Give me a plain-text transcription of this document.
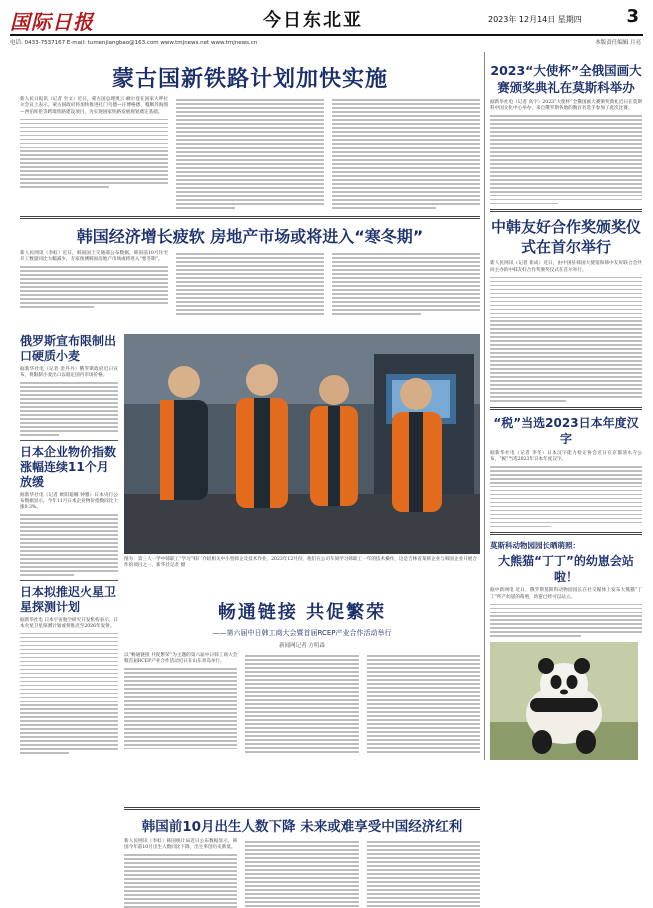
国际日报	今日东北亚	2023年 12月14日 星期四 3
电话: 0433-7537167 E-mail: tumenjiangbao@163.com www.tmjnews.net www.tmjnews.cn	本版责任编辑 月亮
蒙古国新铁路计划加快实施
新人民日报讯（记者 至文）近日，蒙古国总理奥云·额尔登在国家大呼拉尔会议上表示，蒙古国政府将加快推进扎门乌德—汗博格德、嘎顺苏海图—西伯库伦等跨境铁路建设项目，为实现国家铁路发展规划奠定基础。
韩国经济增长疲软 房地产市场或将进入“寒冬期”
新人民网讯（李虹）近日，韩国国土交通部公布数据，韩国前10月住宅开工数量同比大幅减少，专家预测韩国房地产市场或将进入“寒冬期”。
俄罗斯宣布限制出口硬质小麦
据新华社电（记者 金丹丹）俄罗斯政府近日宣布，将限制小麦出口以稳定国内市场价格。
日本企业物价指数涨幅连续11个月放缓
据新华社电（记者 欧阳迪娜 钟雅）日本央行公布数据显示，今年11月日本企业物价指数同比上涨0.3%。
日本拟推迟火星卫星探测计划
据新华社电 日本宇宙航空研究开发机构表示，日本火星卫星探测计划或将推迟至2026年发射。
图为：第三人一学中韩职工“学习”韩厂介绍相关中小型韩企及技术作业，2023年12月份，他们在公司车间学习韩职工一年的技术操作，这是吉林省某韩企业与韩国企业开展合作的项目之一。新华社记者 摄
畅通链接 共促繁荣
——第六届中日韩工商大会暨首届RCEP产业合作活动举行
新闻网记者 方明森
以“畅通链接 共促繁荣”为主题的第六届中日韩工商大会暨首届RCEP产业合作活动近日在山东青岛举行。
韩国前10月出生人数下降 未来或难享受中国经济红利
新人民网讯（李虹）韩国统计局近日公布数据显示，韩国今年前10月出生人数同比下降，出生率创历史新低。
2023“大使杯”全俄国画大赛颁奖典礼在莫斯科举办
据新华社电（记者 高宇）2023“大使杯”全俄国画大赛颁奖典礼近日在莫斯科中国文化中心举办，来自俄罗斯各地的数百名选手参加了此次比赛。
中韩友好合作奖颁奖仪式在首尔举行
新人民网讯（记者 崔成）近日，由中国驻韩国大使馆和韩中友好联合会共同主办的中韩友好合作奖颁奖仪式在首尔举行。
“税”当选2023日本年度汉字
据新华社电（记者 李冬）日本汉字能力检定协会近日在京都清水寺公布，“税”当选2023年日本年度汉字。
莫斯科动物园园长晒萌照：
大熊猫“丁丁”的幼崽会站啦！
据中新网电 近日，俄罗斯莫斯科动物园园长在社交媒体上发布大熊猫“丁丁”所产幼崽的萌照，幼崽已经可以站立。
